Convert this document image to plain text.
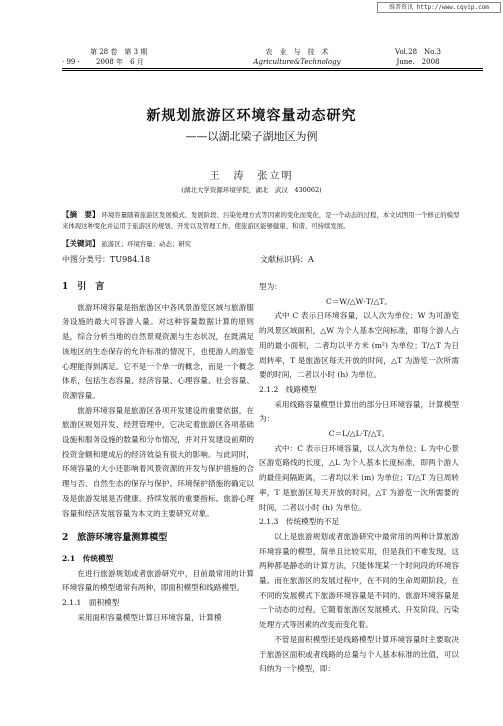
维普资讯 http://www.cqvip.com
第 28 卷　第 3 期
· 99 · 2008 年　6 月
农　业　与　技　术
Agriculture&Technology
Vol.28　No.3
June.　2008
新规划旅游区环境容量动态研究
——以湖北梁子湖地区为例
王　涛　张立明
(湖北大学资源环境学院，湖北　武汉　430062)
【摘　要】 环境容量随着旅游区发展模式、发展阶段、污染处理方式等因素的变化而变化，是一个动态的过程，本文试图用一个修正的模型来体现这种变化并运用于旅游区的规划、开发以及管理工作，使旅游区能够健康、和谐、可持续发展。
【关键词】 旅游区；环境容量；动态；研究
中图分类号：TU984.18	文献标识码：A

1　引　言

旅游环境容量是指旅游区中各风景游览区域与旅游服务设施的最大可容游人量。对这种容量数据计算的原则是，综合分析当地的自然景观资源与生态状况，在既满足该地区的生态保存的允许标准的情况下，也使游人的游览心理能得到满足。它不是一个单一的概念，而是一个概念体系，包括生态容量、经济容量、心理容量、社会容量、资源容量。

旅游环境容量是旅游区各项开发建设的重要依据，在旅游区规划开发、经营管理中，它决定着旅游区各项基础设施和服务设施的数量和分布情况，并对开发建设前期的投资金额和建成后的经济效益有很大的影响。与此同时，环境容量的大小还影响着风景资源的开发与保护措施的合理与否、自然生态的保存与保护、环境保护措施的确定以及是旅游发展是否健康、持续发展的重要指标。旅游心理容量和经济发展容量为本文的主要研究对象。

2　旅游环境容量测算模型

2.1　传统模型

在进行旅游规划或者旅游研究中，目前最常用的计算环境容量的模型通常有两种，即面积模型和线路模型。

2.1.1　面积模型

采用面积容量模型计算日环境容量，计算模

型为：

C＝W/△W·T/△T。

式中 C 表示日环境容量，以人次为单位；W 为可游览的风景区域面积，△W 为个人基本空间标准，即每个游人占用的最小面积，二者均以平方米 (m²) 为单位；T/△T 为日周转率，T 是旅游区每天开放的时间，△T 为游览一次所需要的时间，二者以小时 (h) 为单位。

2.1.2　线路模型

采用线路容量模型计算出的部分日环境容量，计算模型为：

C＝L/△L·T/△T。

式中：C 表示日环境容量，以人次为单位；L 为中心景区游览路线的长度，△L 为个人基本长度标准，即两个游人的最佳间隔距离，二者均以米 (m) 为单位；T/△T 为日周转率，T 是旅游区每天开放的时间，△T 为游览一次所需要的时间，二者以小时 (h) 为单位。

2.1.3　传统模型的不足

以上是旅游规划或者旅游研究中最常用的两种计算旅游环境容量的模型，简单且比较实用，但是我们不难发现，这两种都是静态的计算方法，只能体现某一个时间段的环境容量。而在旅游区的发展过程中，在不同的生命周期阶段，在不同的发展模式下旅游环境容量是不同的。旅游环境容量是一个动态的过程，它随着旅游区发展模式、开发阶段、污染处理方式等因素的改变而变化着。

不管是面积模型还是线路模型计算环境容量时主要取决于旅游区面积或者线路的总量与个人基本标准的比值，可以归纳为一个模型，即：
